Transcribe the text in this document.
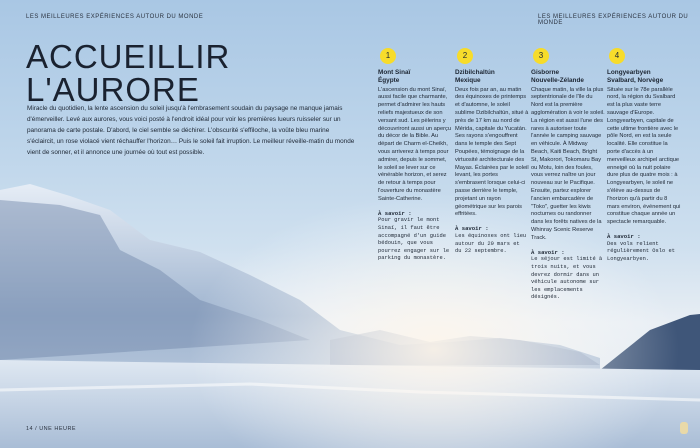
LES MEILLEURES EXPÉRIENCES AUTOUR DU MONDE	LES MEILLEURES EXPÉRIENCES AUTOUR DU MONDE
ACCUEILLIR
L'AURORE

Miracle du quotidien, la lente ascension du soleil jusqu'à l'embrasement soudain du paysage ne manque jamais d'émerveiller. Levé aux aurores, vous voici posté à l'endroit idéal pour voir les premières lueurs ruisseler sur un panorama de carte postale. D'abord, le ciel semble se déchirer. L'obscurité s'effiloche, la voûte bleu marine s'éclaircit, un rose violacé vient réchauffer l'horizon… Puis le soleil fait irruption. Le meilleur réveille-matin du monde vient de sonner, et il annonce une journée où tout est possible.

1
Mont Sinaï
Égypte

L'ascension du mont Sinaï, aussi facile que charmante, permet d'admirer les hauts reliefs majestueux de son versant sud. Les pèlerins y découvriront aussi un aperçu du décor de la Bible. Au départ de Charm el-Cheikh, vous arriverez à temps pour admirer, depuis le sommet, le soleil se lever sur ce vénérable horizon, et serez de retour à temps pour l'ouverture du monastère Sainte-Catherine.

À savoir :

Pour gravir le mont Sinaï, il faut être accompagné d'un guide bédouin, que vous pourrez engager sur le parking du monastère.

2
Dzibilchaltún
Mexique

Deux fois par an, au matin des équinoxes de printemps et d'automne, le soleil sublime Dzibilchaltún, situé à près de 17 km au nord de Mérida, capitale du Yucatán. Ses rayons s'engouffrent dans le temple des Sept Poupées, témoignage de la virtuosité architecturale des Mayas. Éclairées par le soleil levant, les portes s'embrasent lorsque celui-ci passe derrière le temple, projetant un rayon géométrique sur les parois effritées.

À savoir :

Les équinoxes ont lieu autour du 20 mars et du 22 septembre.

3
Gisborne
Nouvelle-Zélande

Chaque matin, la ville la plus septentrionale de l'île du Nord est la première agglomération à voir le soleil. La région est aussi l'une des rares à autoriser toute l'année le camping sauvage en véhicule. À Midway Beach, Kaiti Beach, Bright St, Makorori, Tokomaru Bay ou Motu, loin des foules, vous verrez naître un jour nouveau sur le Pacifique. Ensuite, partez explorer l'ancien embarcadère de "Toko", guetter les kiwis nocturnes ou randonner dans les forêts natives de la Whinray Scenic Reserve Track.

À savoir :

Le séjour est limité à trois nuits, et vous devrez dormir dans un véhicule autonome sur les emplacements désignés.

4
Longyearbyen
Svalbard, Norvège

Située sur le 78e parallèle nord, la région du Svalbard est la plus vaste terre sauvage d'Europe. Longyearbyen, capitale de cette ultime frontière avec le pôle Nord, en est la seule localité. Elle constitue la porte d'accès à un merveilleux archipel arctique enneigé où la nuit polaire dure plus de quatre mois : à Longyearbyen, le soleil ne s'élève au-dessus de l'horizon qu'à partir du 8 mars environ, événement qui constitue chaque année un spectacle remarquable.

À savoir :

Des vols relient régulièrement Oslo et Longyearbyen.

14 / UNE HEURE
